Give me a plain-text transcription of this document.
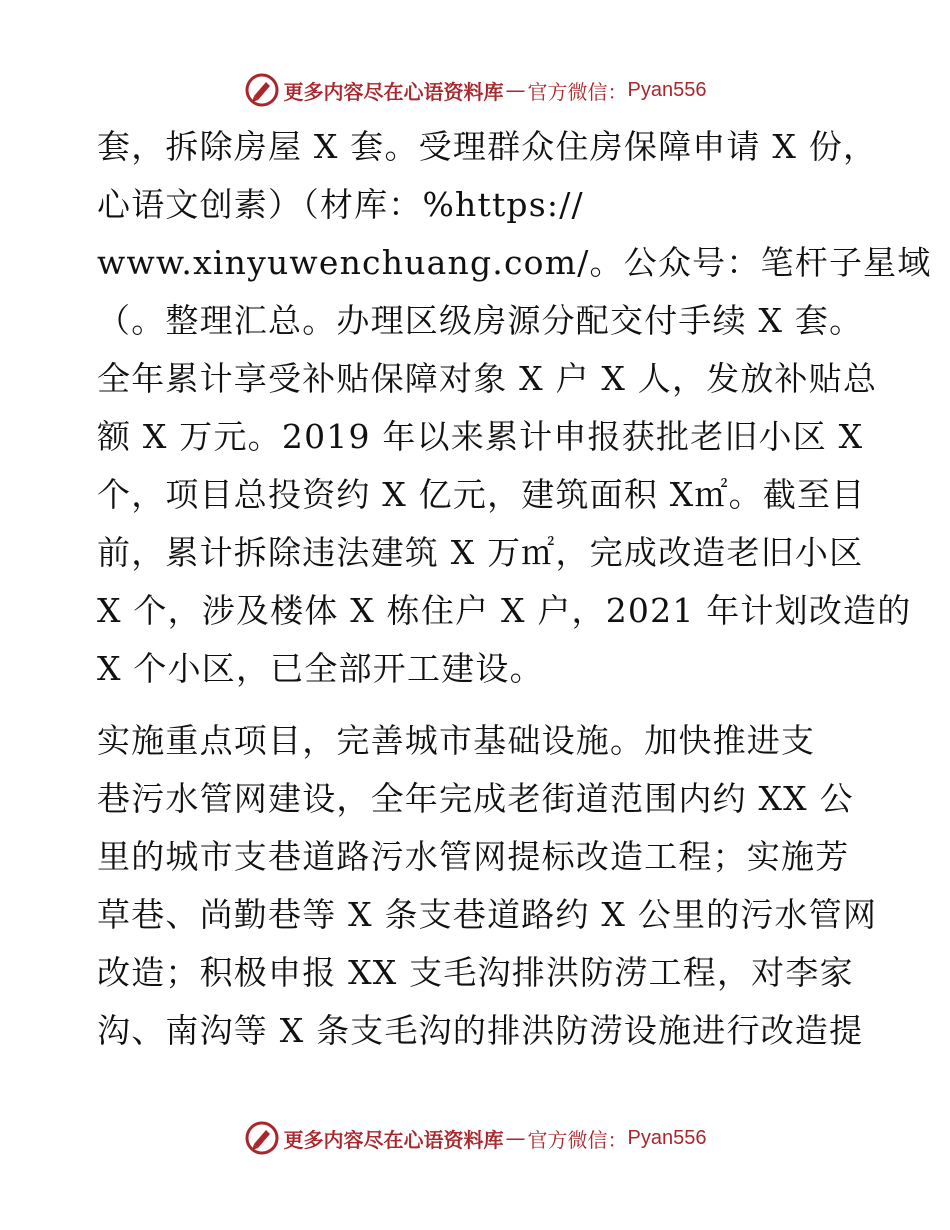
更多内容尽在心语资料库 — 官方微信： Pyan556
套，拆除房屋 X 套。受理群众住房保障申请 X 份，
心语文创素）（材库：%https://
www.xinyuwenchuang.com/。公众号：笔杆子星域
（。整理汇总。办理区级房源分配交付手续 X 套。
全年累计享受补贴保障对象 X 户 X 人，发放补贴总
额 X 万元。2019 年以来累计申报获批老旧小区 X
个，项目总投资约 X 亿元，建筑面积 X㎡。截至目
前，累计拆除违法建筑 X 万㎡，完成改造老旧小区
X 个，涉及楼体 X 栋住户 X 户，2021 年计划改造的
X 个小区，已全部开工建设。
实施重点项目，完善城市基础设施。加快推进支
巷污水管网建设，全年完成老街道范围内约 XX 公
里的城市支巷道路污水管网提标改造工程；实施芳
草巷、尚勤巷等 X 条支巷道路约 X 公里的污水管网
改造；积极申报 XX 支毛沟排洪防涝工程，对李家
沟、南沟等 X 条支毛沟的排洪防涝设施进行改造提
更多内容尽在心语资料库 — 官方微信： Pyan556
